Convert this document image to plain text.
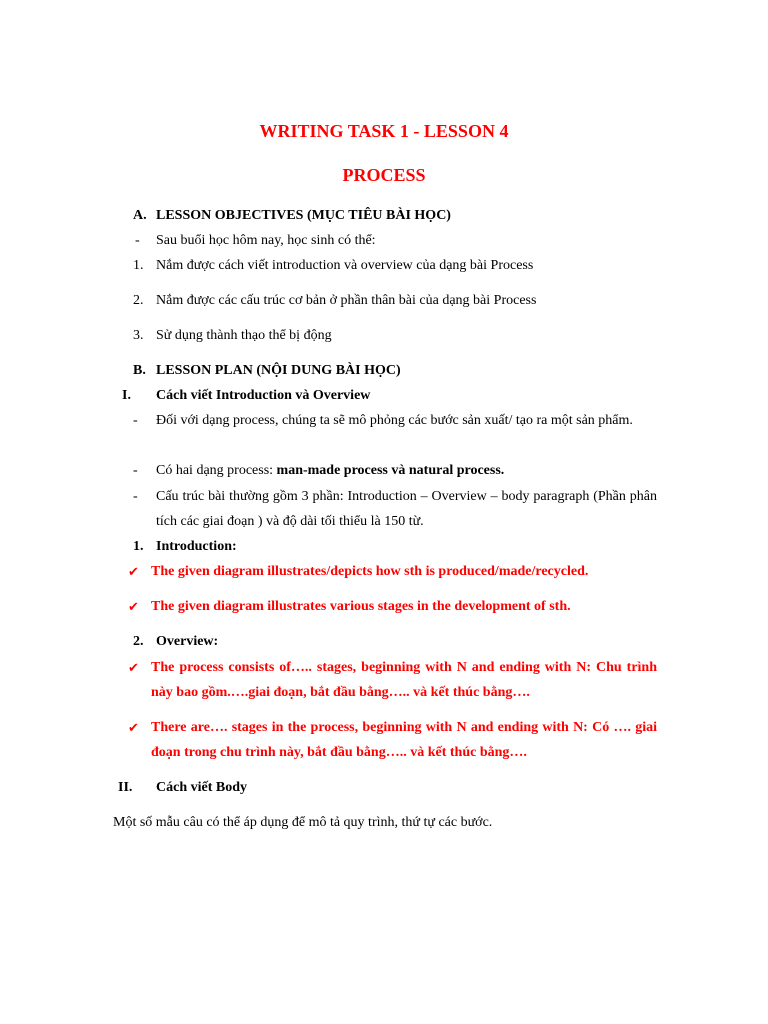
WRITING TASK 1 - LESSON 4
PROCESS
A. LESSON OBJECTIVES (MỤC TIÊU BÀI HỌC)
- Sau buổi học hôm nay, học sinh có thể:
1. Nắm được cách viết introduction và overview của dạng bài Process
2. Nắm được các cấu trúc cơ bản ở phần thân bài của dạng bài Process
3. Sử dụng thành thạo thể bị động
B. LESSON PLAN (NỘI DUNG BÀI HỌC)
I. Cách viết Introduction và Overview
- Đối với dạng process, chúng ta sẽ mô phỏng các bước sản xuất/ tạo ra một sản phẩm.
- Có hai dạng process: man-made process và natural process.
- Cấu trúc bài thường gồm 3 phần: Introduction – Overview – body paragraph (Phần phân tích các giai đoạn ) và độ dài tối thiểu là 150 từ.
1. Introduction:
✔ The given diagram illustrates/depicts how sth is produced/made/recycled.
✔ The given diagram illustrates various stages in the development of sth.
2. Overview:
✔ The process consists of….. stages, beginning with N and ending with N: Chu trình này bao gồm.….giai đoạn, bắt đầu bằng….. và kết thúc bằng….
✔ There are…. stages in the process, beginning with N and ending with N: Có …. giai đoạn trong chu trình này, bắt đầu bằng….. và kết thúc bằng….
II. Cách viết Body
Một số mẫu câu có thể áp dụng để mô tả quy trình, thứ tự các bước.
